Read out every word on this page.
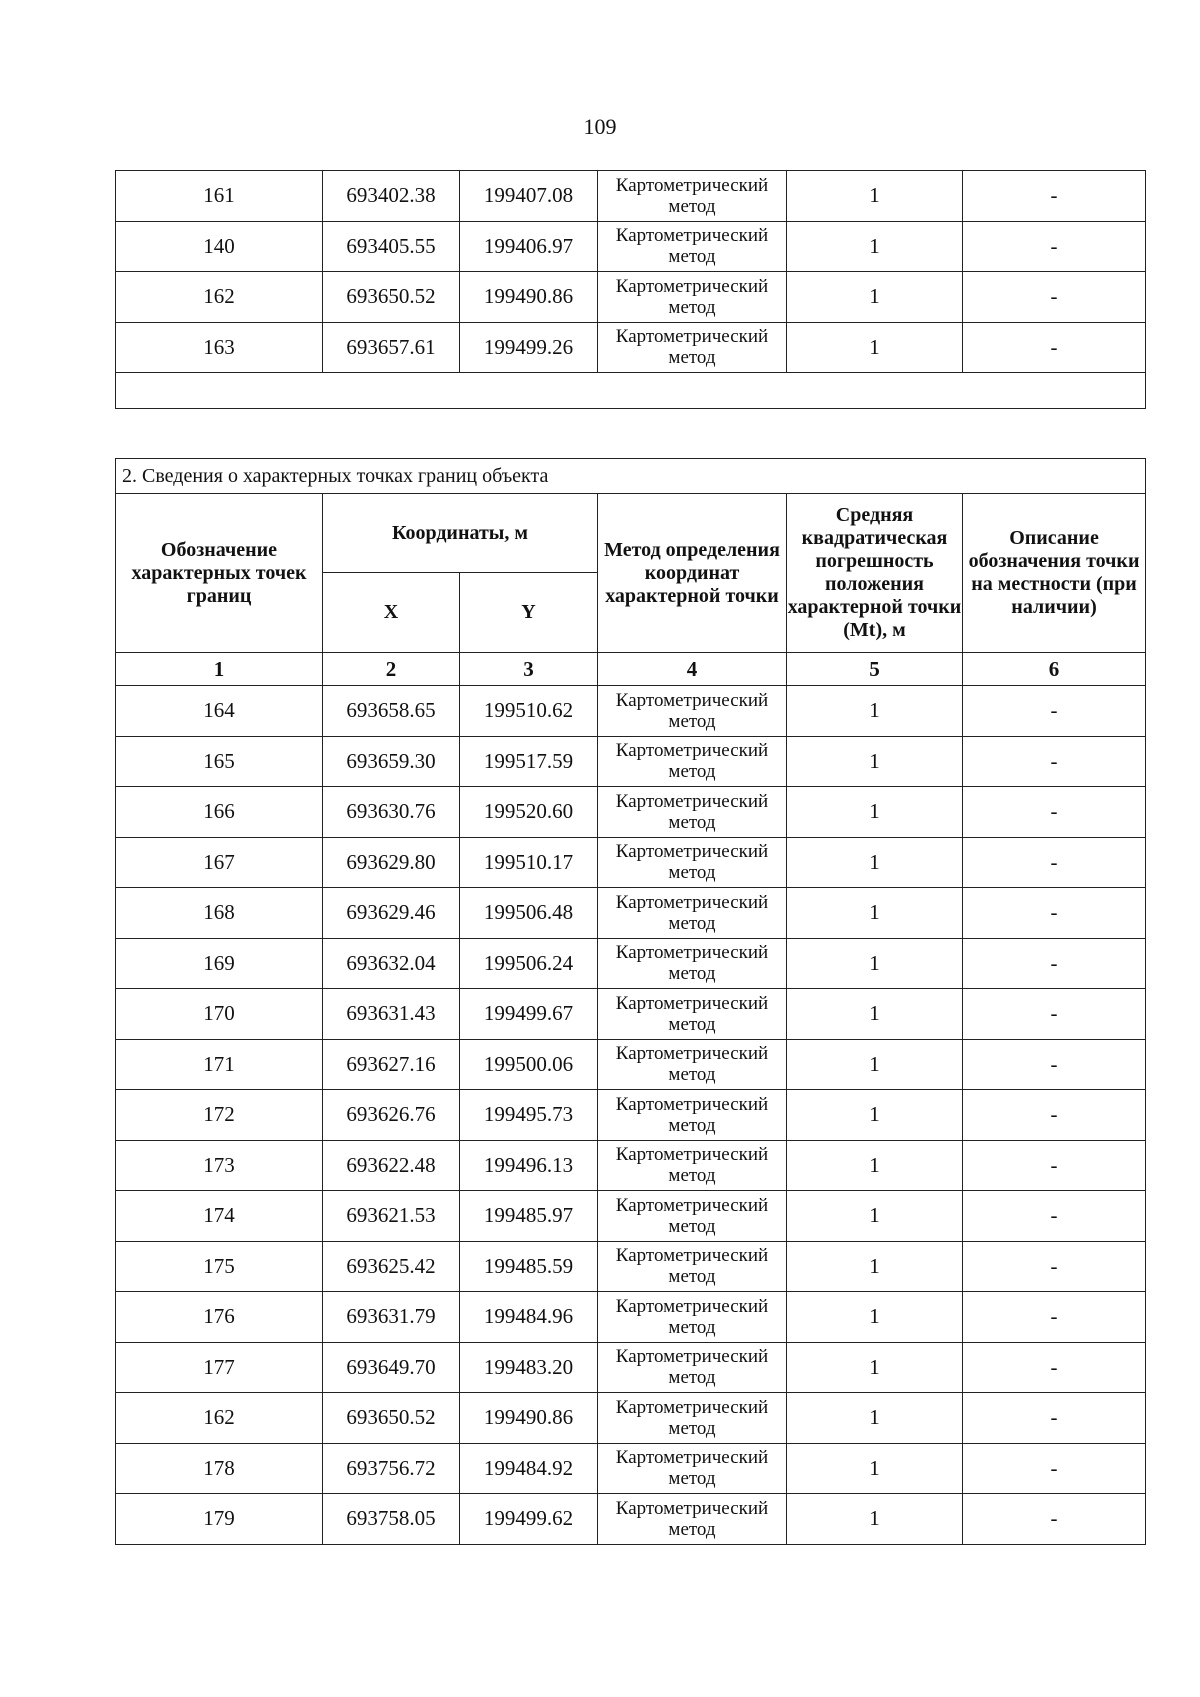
109
161	693402.38	199407.08	Картометрический метод	1	-
140	693405.55	199406.97	Картометрический метод	1	-
162	693650.52	199490.86	Картометрический метод	1	-
163	693657.61	199499.26	Картометрический метод	1	-

2. Сведения о характерных точках границ объекта					
Обозначение характерных точек границ	Координаты, м		Метод определения координат характерной точки	Средняя квадратическая погрешность положения характерной точки (Mt), м	Описание обозначения точки на местности (при наличии)
	X	Y			
1	2	3	4	5	6
164	693658.65	199510.62	Картометрический метод	1	-
165	693659.30	199517.59	Картометрический метод	1	-
166	693630.76	199520.60	Картометрический метод	1	-
167	693629.80	199510.17	Картометрический метод	1	-
168	693629.46	199506.48	Картометрический метод	1	-
169	693632.04	199506.24	Картометрический метод	1	-
170	693631.43	199499.67	Картометрический метод	1	-
171	693627.16	199500.06	Картометрический метод	1	-
172	693626.76	199495.73	Картометрический метод	1	-
173	693622.48	199496.13	Картометрический метод	1	-
174	693621.53	199485.97	Картометрический метод	1	-
175	693625.42	199485.59	Картометрический метод	1	-
176	693631.79	199484.96	Картометрический метод	1	-
177	693649.70	199483.20	Картометрический метод	1	-
162	693650.52	199490.86	Картометрический метод	1	-
178	693756.72	199484.92	Картометрический метод	1	-
179	693758.05	199499.62	Картометрический метод	1	-
